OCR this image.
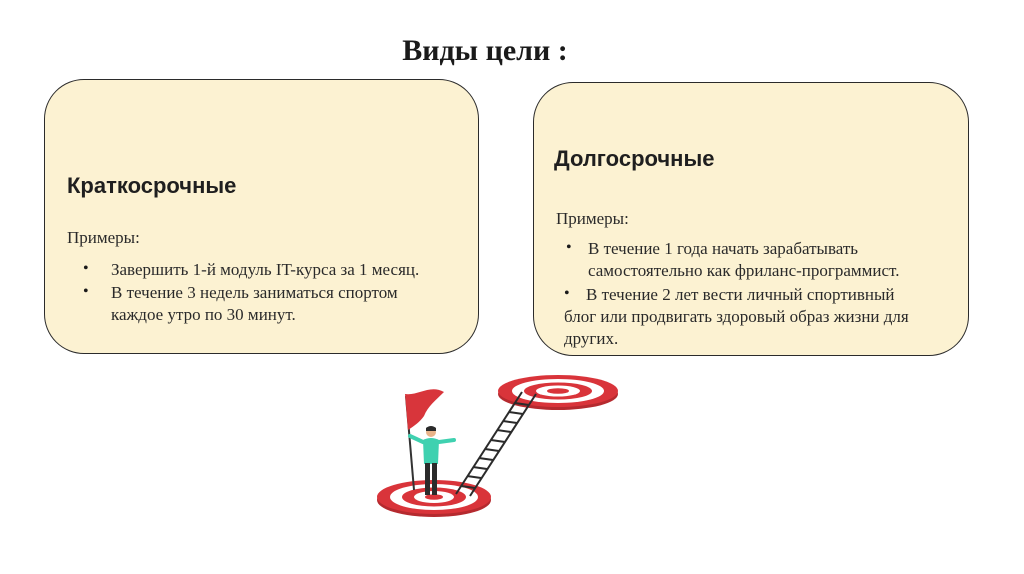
Виды цели :
Краткосрочные
Примеры:
• Завершить 1-й модуль IT-курса за 1 месяц.
• В течение 3 недель заниматься спортом
каждое утро по 30 минут.
Долгосрочные
Примеры:
• В течение 1 года начать зарабатывать
самостоятельно как фриланс-программист.
• В течение 2 лет вести личный спортивный
блог или продвигать здоровый образ жизни для
других.
